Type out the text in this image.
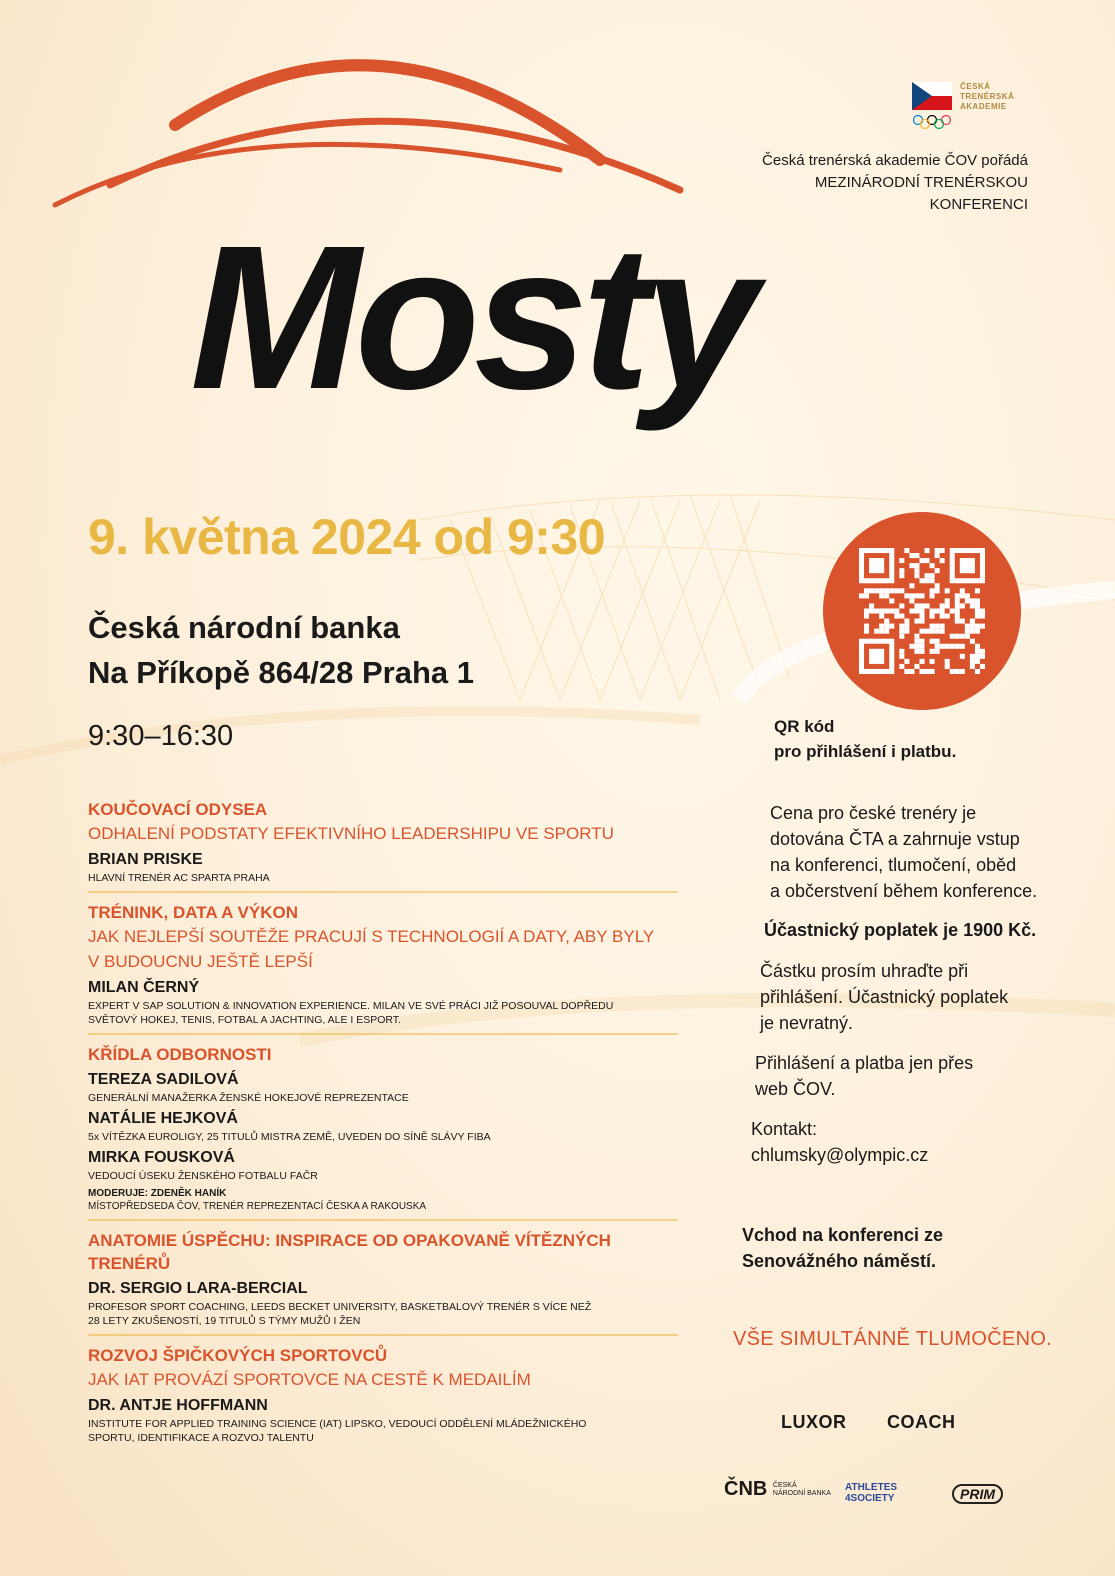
ČESKÁ
TRENÉRSKÁ
AKADEMIE
Česká trenérská akademie ČOV pořádá
MEZINÁRODNÍ TRENÉRSKOU
KONFERENCI
Mosty
9. května 2024 od 9:30
Česká národní banka
Na Příkopě 864/28 Praha 1
9:30–16:30	QR kód
pro přihlášení i platbu.
Cena pro české trenéry je
dotována ČTA a zahrnuje vstup
na konferenci, tlumočení, oběd
a občerstvení během konference.
Účastnický poplatek je 1900 Kč.
Částku prosím uhraďte při
přihlášení. Účastnický poplatek
je nevratný.
Přihlášení a platba jen přes
web ČOV.
Kontakt:
chlumsky@olympic.cz
Vchod na konferenci ze
Senovážného náměstí.
VŠE SIMULTÁNNĚ TLUMOČENO.
LUXOR COACH
ČNB ČESKÁ
NÁRODNÍ BANKA
ATHLETES
4SOCIETY	PRIM
KOUČOVACÍ ODYSEA
ODHALENÍ PODSTATY EFEKTIVNÍHO LEADERSHIPU VE SPORTU
BRIAN PRISKE
HLAVNÍ TRENÉR AC SPARTA PRAHA
TRÉNINK, DATA A VÝKON
JAK NEJLEPŠÍ SOUTĚŽE PRACUJÍ S TECHNOLOGIÍ A DATY, ABY BYLY
V BUDOUCNU JEŠTĚ LEPŠÍ
MILAN ČERNÝ
EXPERT V SAP SOLUTION & INNOVATION EXPERIENCE. MILAN VE SVÉ PRÁCI JIŽ POSOUVAL DOPŘEDU
SVĚTOVÝ HOKEJ, TENIS, FOTBAL A JACHTING, ALE I ESPORT.
KŘÍDLA ODBORNOSTI
TEREZA SADILOVÁ
GENERÁLNÍ MANAŽERKA ŽENSKÉ HOKEJOVÉ REPREZENTACE
NATÁLIE HEJKOVÁ
5x VÍTĚZKA EUROLIGY, 25 TITULŮ MISTRA ZEMĚ, UVEDEN DO SÍNĚ SLÁVY FIBA
MIRKA FOUSKOVÁ
VEDOUCÍ ÚSEKU ŽENSKÉHO FOTBALU FAČR
MODERUJE: ZDENĚK HANÍK
MÍSTOPŘEDSEDA ČOV, TRENÉR REPREZENTACÍ ČESKA A RAKOUSKA
ANATOMIE ÚSPĚCHU: INSPIRACE OD OPAKOVANĚ VÍTĚZNÝCH
TRENÉRŮ
DR. SERGIO LARA-BERCIAL
PROFESOR SPORT COACHING, LEEDS BECKET UNIVERSITY, BASKETBALOVÝ TRENÉR S VÍCE NEŽ
28 LETY ZKUŠENOSTÍ, 19 TITULŮ S TÝMY MUŽŮ I ŽEN
ROZVOJ ŠPIČKOVÝCH SPORTOVCŮ
JAK IAT PROVÁZÍ SPORTOVCE NA CESTĚ K MEDAILÍM
DR. ANTJE HOFFMANN
INSTITUTE FOR APPLIED TRAINING SCIENCE (IAT) LIPSKO, VEDOUCÍ ODDĚLENÍ MLÁDEŽNICKÉHO
SPORTU, IDENTIFIKACE A ROZVOJ TALENTU
